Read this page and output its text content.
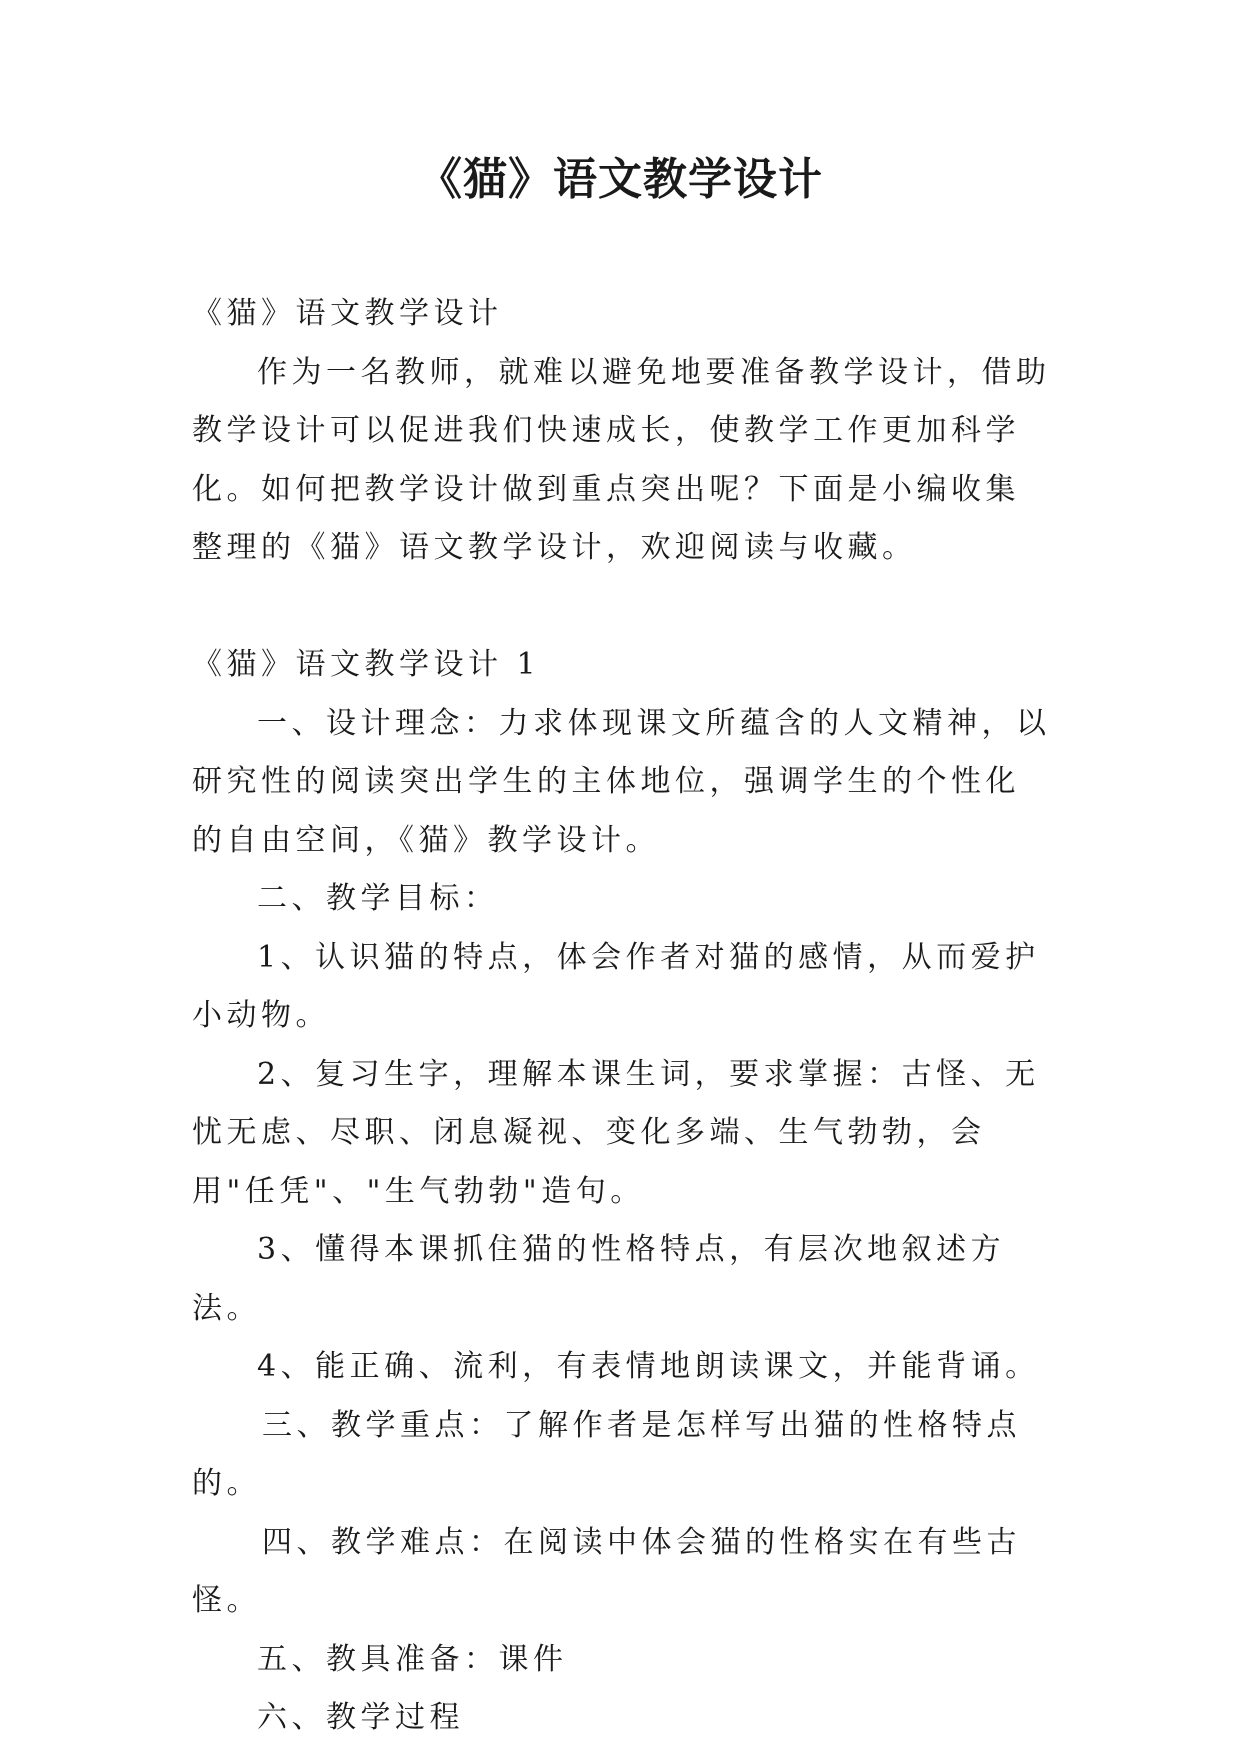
《猫》语文教学设计

《猫》语文教学设计

作为一名教师，就难以避免地要准备教学设计，借助教学设计可以促进我们快速成长，使教学工作更加科学化。如何把教学设计做到重点突出呢？下面是小编收集整理的《猫》语文教学设计，欢迎阅读与收藏。

《猫》语文教学设计 1

一、设计理念：力求体现课文所蕴含的人文精神，以研究性的阅读突出学生的主体地位，强调学生的个性化的自由空间，《猫》教学设计。

二、教学目标：

1、认识猫的特点，体会作者对猫的感情，从而爱护小动物。

2、复习生字，理解本课生词，要求掌握：古怪、无忧无虑、尽职、闭息凝视、变化多端、生气勃勃，会用"任凭"、"生气勃勃"造句。

3、懂得本课抓住猫的性格特点，有层次地叙述方法。

4、能正确、流利，有表情地朗读课文，并能背诵。

三、教学重点：了解作者是怎样写出猫的性格特点的。

四、教学难点：在阅读中体会猫的性格实在有些古怪。

五、教具准备：课件

六、教学过程
